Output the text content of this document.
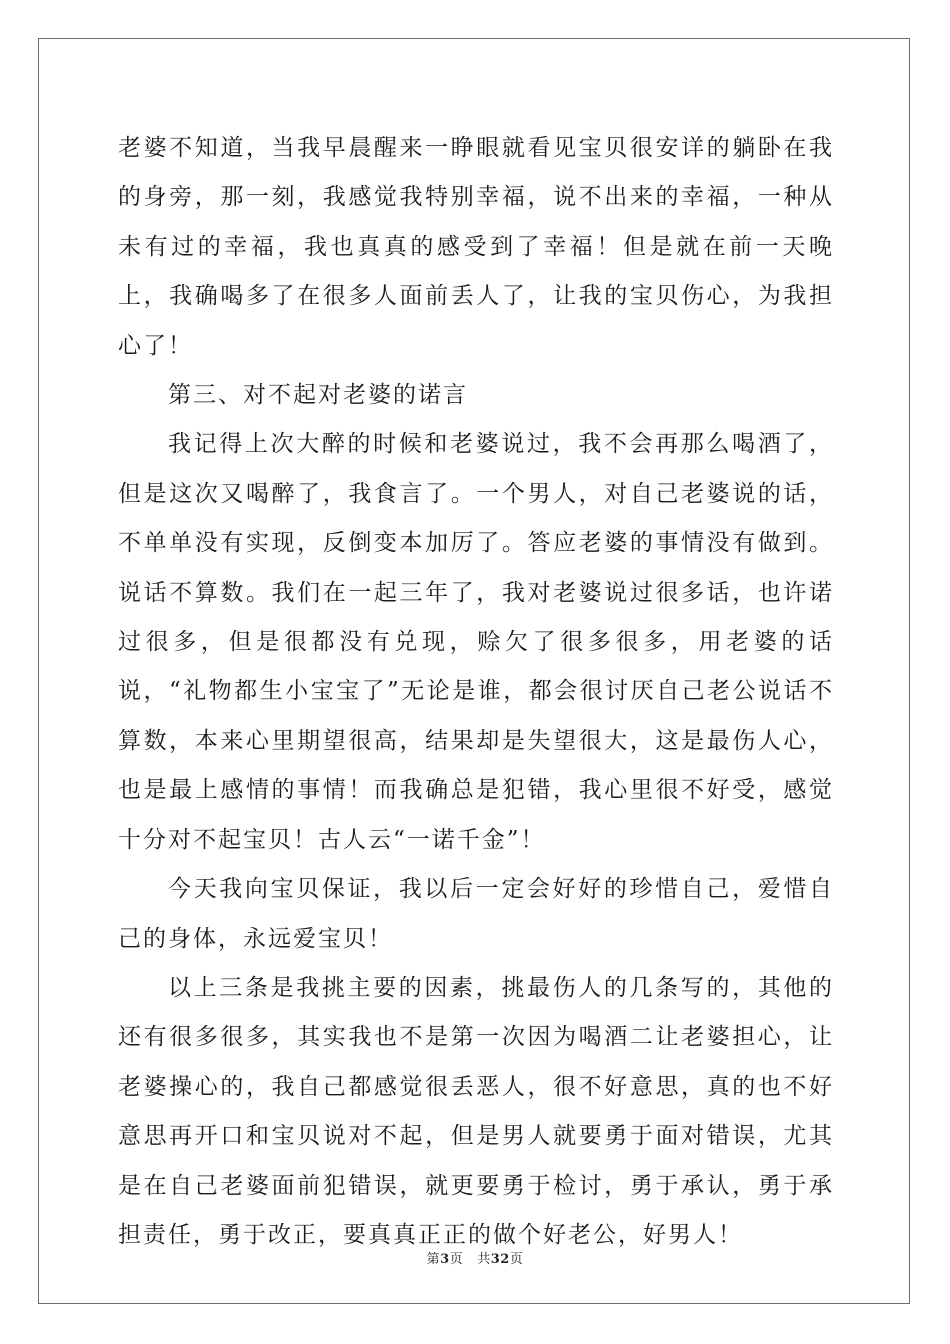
老婆不知道，当我早晨醒来一睁眼就看见宝贝很安详的躺卧在我的身旁，那一刻，我感觉我特别幸福，说不出来的幸福，一种从未有过的幸福，我也真真的感受到了幸福！但是就在前一天晚上，我确喝多了在很多人面前丢人了，让我的宝贝伤心，为我担心了！

第三、对不起对老婆的诺言

我记得上次大醉的时候和老婆说过，我不会再那么喝酒了，但是这次又喝醉了，我食言了。一个男人，对自己老婆说的话，不单单没有实现，反倒变本加厉了。答应老婆的事情没有做到。说话不算数。我们在一起三年了，我对老婆说过很多话，也许诺过很多，但是很都没有兑现，赊欠了很多很多，用老婆的话说，“礼物都生小宝宝了”无论是谁，都会很讨厌自己老公说话不算数，本来心里期望很高，结果却是失望很大，这是最伤人心，也是最上感情的事情！而我确总是犯错，我心里很不好受，感觉十分对不起宝贝！古人云“一诺千金”！

今天我向宝贝保证，我以后一定会好好的珍惜自己，爱惜自己的身体，永远爱宝贝！

以上三条是我挑主要的因素，挑最伤人的几条写的，其他的还有很多很多，其实我也不是第一次因为喝酒二让老婆担心，让老婆操心的，我自己都感觉很丢恶人，很不好意思，真的也不好意思再开口和宝贝说对不起，但是男人就要勇于面对错误，尤其是在自己老婆面前犯错误，就更要勇于检讨，勇于承认，勇于承担责任，勇于改正，要真真正正的做个好老公，好男人！

第3页 共32页
